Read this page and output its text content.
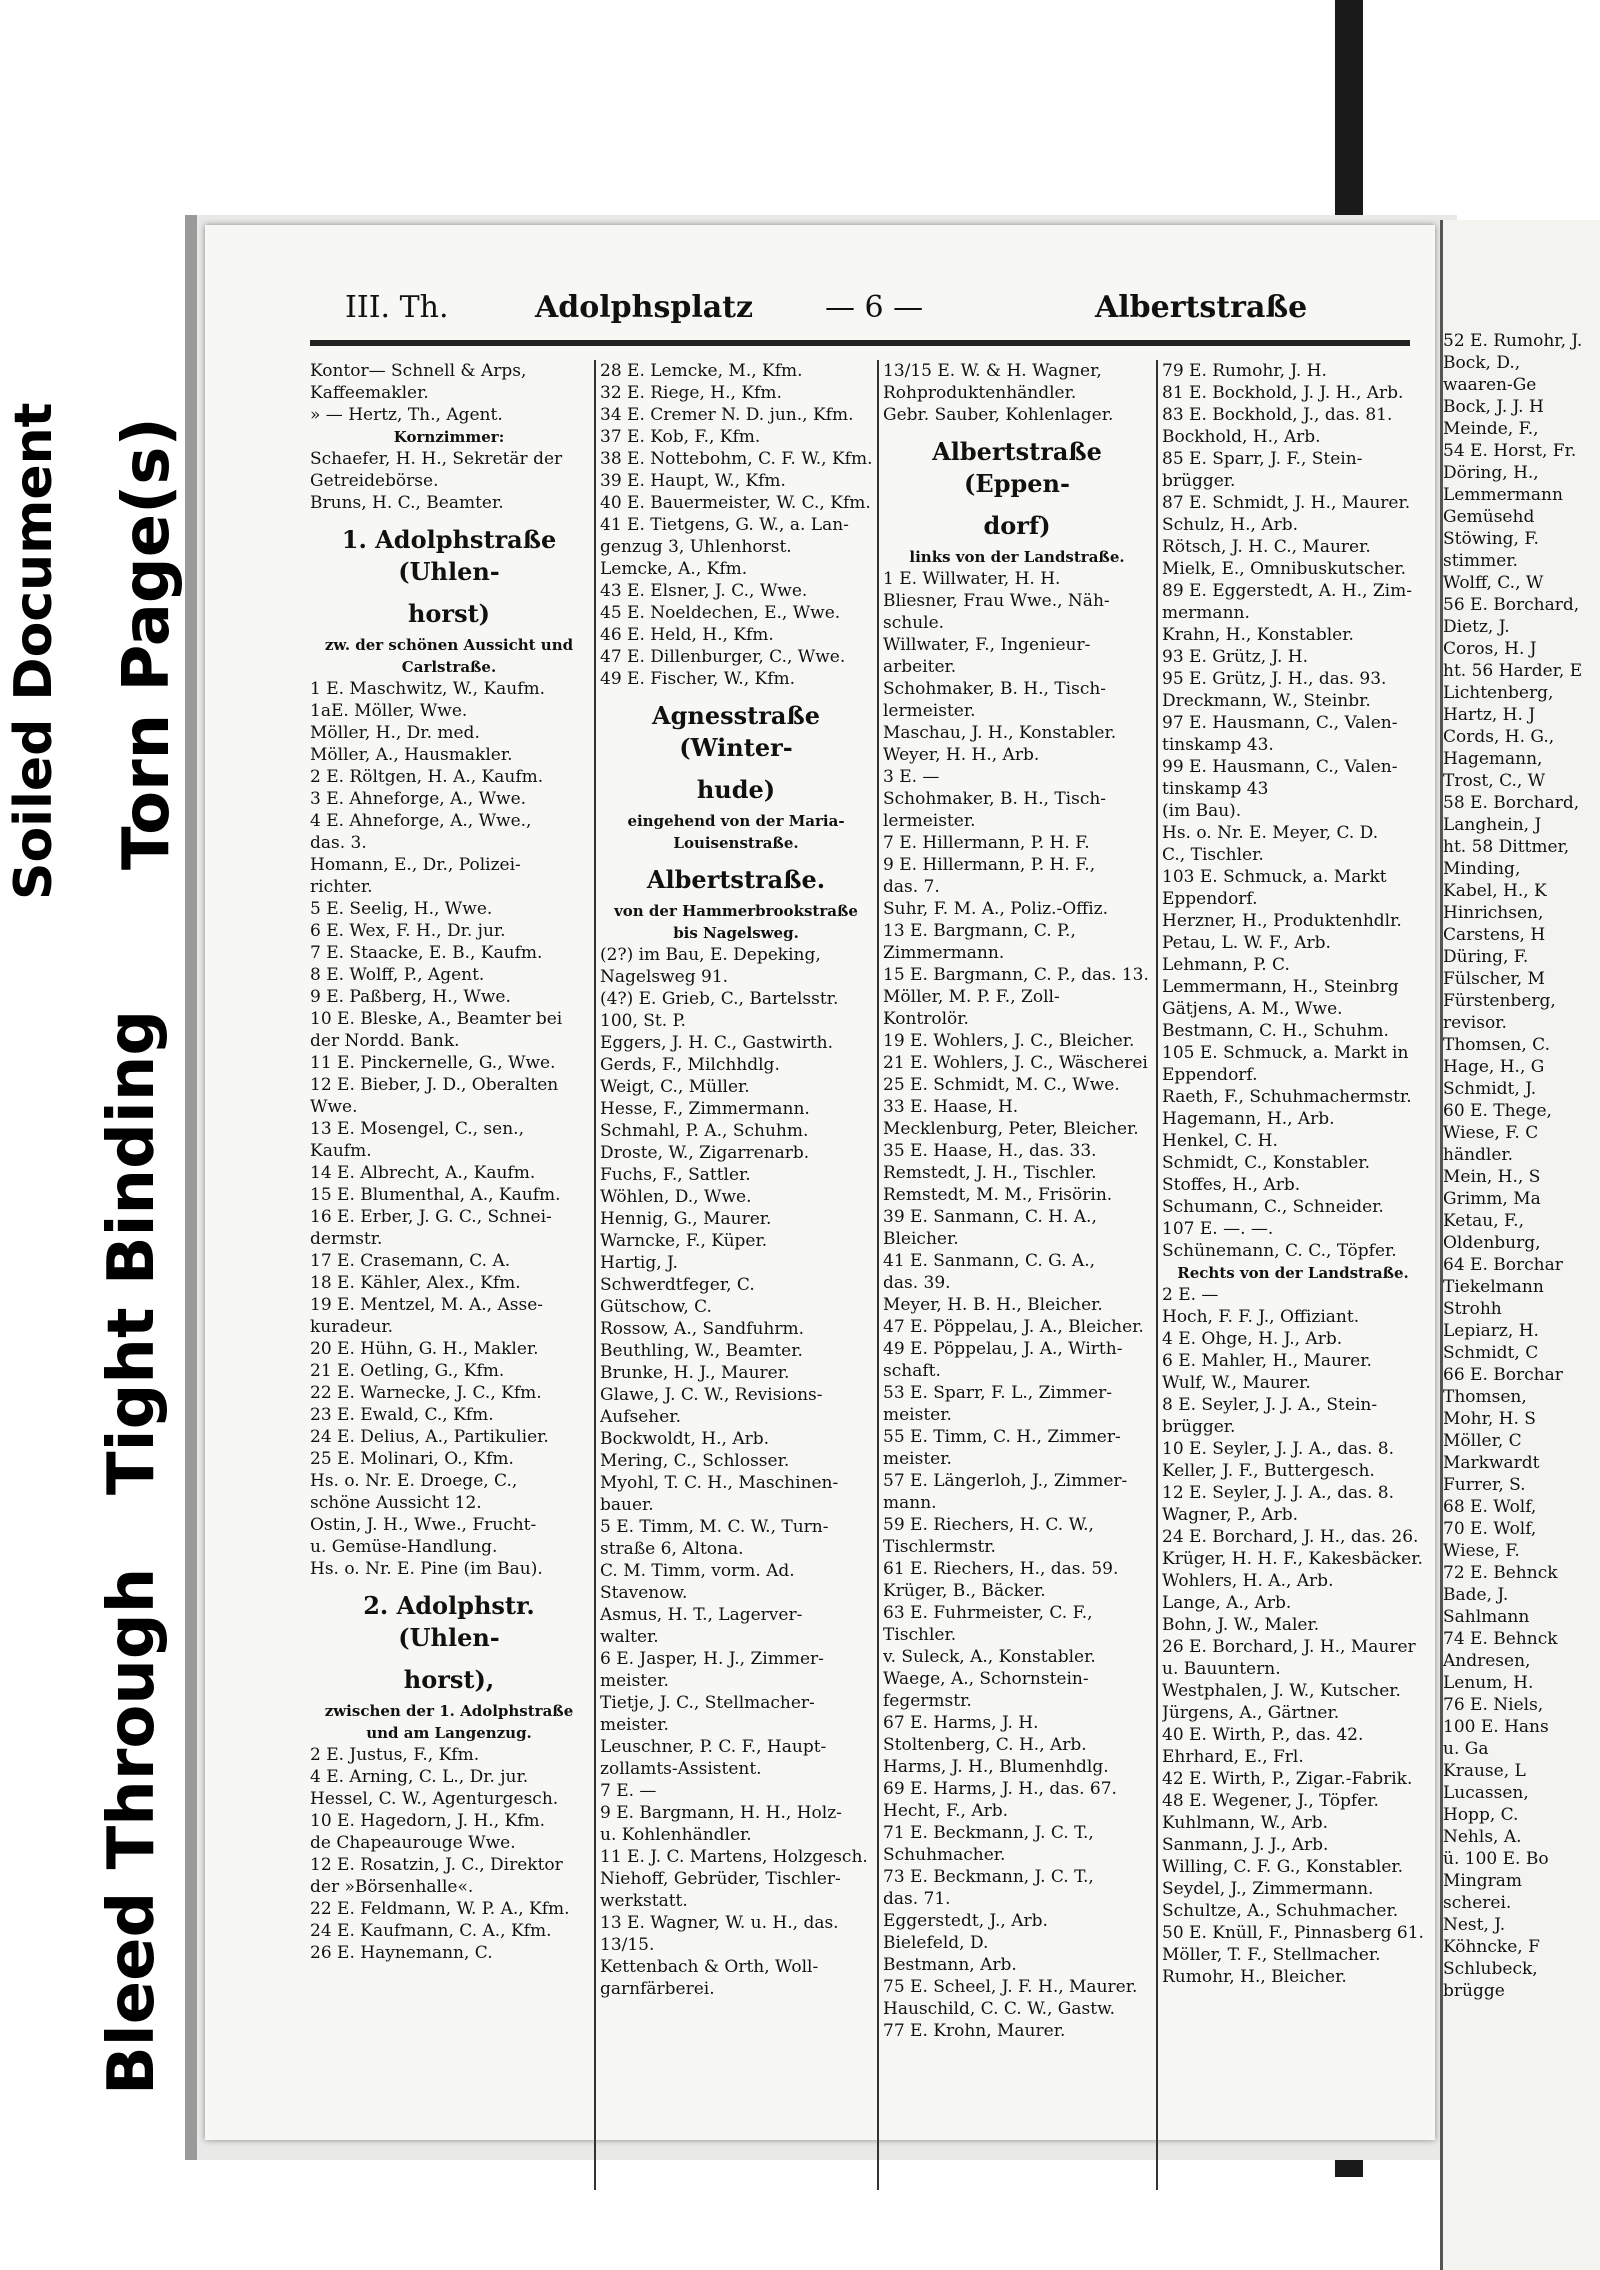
Soiled Document Torn Page(s)
Tight Binding
Bleed Through
III. Th.	Adolphsplatz — 6 —	Albertstraße
Kontor— Schnell & Arps,
Kaffeemakler.
» — Hertz, Th., Agent.
Kornzimmer:
Schaefer, H. H., Sekretär der
Getreidebörse.
Bruns, H. C., Beamter.
1. Adolphstraße (Uhlen-
horst)
zw. der schönen Aussicht und
Carlstraße.
1 E. Maschwitz, W., Kaufm.
1aE. Möller, Wwe.
Möller, H., Dr. med.
Möller, A., Hausmakler.
2 E. Röltgen, H. A., Kaufm.
3 E. Ahneforge, A., Wwe.
4 E. Ahneforge, A., Wwe.,
das. 3.
Homann, E., Dr., Polizei-
richter.
5 E. Seelig, H., Wwe.
6 E. Wex, F. H., Dr. jur.
7 E. Staacke, E. B., Kaufm.
8 E. Wolff, P., Agent.
9 E. Paßberg, H., Wwe.
10 E. Bleske, A., Beamter bei
der Nordd. Bank.
11 E. Pinckernelle, G., Wwe.
12 E. Bieber, J. D., Oberalten
Wwe.
13 E. Mosengel, C., sen.,
Kaufm.
14 E. Albrecht, A., Kaufm.
15 E. Blumenthal, A., Kaufm.
16 E. Erber, J. G. C., Schnei-
dermstr.
17 E. Crasemann, C. A.
18 E. Kähler, Alex., Kfm.
19 E. Mentzel, M. A., Asse-
kuradeur.
20 E. Hühn, G. H., Makler.
21 E. Oetling, G., Kfm.
22 E. Warnecke, J. C., Kfm.
23 E. Ewald, C., Kfm.
24 E. Delius, A., Partikulier.
25 E. Molinari, O., Kfm.
Hs. o. Nr. E. Droege, C.,
schöne Aussicht 12.
Ostin, J. H., Wwe., Frucht-
u. Gemüse-Handlung.
Hs. o. Nr. E. Pine (im Bau).
2. Adolphstr. (Uhlen-
horst),
zwischen der 1. Adolphstraße
und am Langenzug.
2 E. Justus, F., Kfm.
4 E. Arning, C. L., Dr. jur.
Hessel, C. W., Agenturgesch.
10 E. Hagedorn, J. H., Kfm.
de Chapeaurouge Wwe.
12 E. Rosatzin, J. C., Direktor
der »Börsenhalle«.
22 E. Feldmann, W. P. A., Kfm.
24 E. Kaufmann, C. A., Kfm.
26 E. Haynemann, C.
28 E. Lemcke, M., Kfm.
32 E. Riege, H., Kfm.
34 E. Cremer N. D. jun., Kfm.
37 E. Kob, F., Kfm.
38 E. Nottebohm, C. F. W., Kfm.
39 E. Haupt, W., Kfm.
40 E. Bauermeister, W. C., Kfm.
41 E. Tietgens, G. W., a. Lan-
genzug 3, Uhlenhorst.
Lemcke, A., Kfm.
43 E. Elsner, J. C., Wwe.
45 E. Noeldechen, E., Wwe.
46 E. Held, H., Kfm.
47 E. Dillenburger, C., Wwe.
49 E. Fischer, W., Kfm.
Agnesstraße (Winter-
hude)
eingehend von der Maria-
Louisenstraße.
Albertstraße.
von der Hammerbrookstraße
bis Nagelsweg.
(2?) im Bau, E. Depeking,
Nagelsweg 91.
(4?) E. Grieb, C., Bartelsstr.
100, St. P.
Eggers, J. H. C., Gastwirth.
Gerds, F., Milchhdlg.
Weigt, C., Müller.
Hesse, F., Zimmermann.
Schmahl, P. A., Schuhm.
Droste, W., Zigarrenarb.
Fuchs, F., Sattler.
Wöhlen, D., Wwe.
Hennig, G., Maurer.
Warncke, F., Küper.
Hartig, J.
Schwerdtfeger, C.
Gütschow, C.
Rossow, A., Sandfuhrm.
Beuthling, W., Beamter.
Brunke, H. J., Maurer.
Glawe, J. C. W., Revisions-
Aufseher.
Bockwoldt, H., Arb.
Mering, C., Schlosser.
Myohl, T. C. H., Maschinen-
bauer.
5 E. Timm, M. C. W., Turn-
straße 6, Altona.
C. M. Timm, vorm. Ad.
Stavenow.
Asmus, H. T., Lagerver-
walter.
6 E. Jasper, H. J., Zimmer-
meister.
Tietje, J. C., Stellmacher-
meister.
Leuschner, P. C. F., Haupt-
zollamts-Assistent.
7 E. —
9 E. Bargmann, H. H., Holz-
u. Kohlenhändler.
11 E. J. C. Martens, Holzgesch.
Niehoff, Gebrüder, Tischler-
werkstatt.
13 E. Wagner, W. u. H., das.
13/15.
Kettenbach & Orth, Woll-
garnfärberei.
13/15 E. W. & H. Wagner,
Rohproduktenhändler.
Gebr. Sauber, Kohlenlager.
Albertstraße (Eppen-
dorf)
links von der Landstraße.
1 E. Willwater, H. H.
Bliesner, Frau Wwe., Näh-
schule.
Willwater, F., Ingenieur-
arbeiter.
Schohmaker, B. H., Tisch-
lermeister.
Maschau, J. H., Konstabler.
Weyer, H. H., Arb.
3 E. —
Schohmaker, B. H., Tisch-
lermeister.
7 E. Hillermann, P. H. F.
9 E. Hillermann, P. H. F.,
das. 7.
Suhr, F. M. A., Poliz.-Offiz.
13 E. Bargmann, C. P.,
Zimmermann.
15 E. Bargmann, C. P., das. 13.
Möller, M. P. F., Zoll-
Kontrolör.
19 E. Wohlers, J. C., Bleicher.
21 E. Wohlers, J. C., Wäscherei
25 E. Schmidt, M. C., Wwe.
33 E. Haase, H.
Mecklenburg, Peter, Bleicher.
35 E. Haase, H., das. 33.
Remstedt, J. H., Tischler.
Remstedt, M. M., Frisörin.
39 E. Sanmann, C. H. A.,
Bleicher.
41 E. Sanmann, C. G. A.,
das. 39.
Meyer, H. B. H., Bleicher.
47 E. Pöppelau, J. A., Bleicher.
49 E. Pöppelau, J. A., Wirth-
schaft.
53 E. Sparr, F. L., Zimmer-
meister.
55 E. Timm, C. H., Zimmer-
meister.
57 E. Längerloh, J., Zimmer-
mann.
59 E. Riechers, H. C. W.,
Tischlermstr.
61 E. Riechers, H., das. 59.
Krüger, B., Bäcker.
63 E. Fuhrmeister, C. F.,
Tischler.
v. Suleck, A., Konstabler.
Waege, A., Schornstein-
fegermstr.
67 E. Harms, J. H.
Stoltenberg, C. H., Arb.
Harms, J. H., Blumenhdlg.
69 E. Harms, J. H., das. 67.
Hecht, F., Arb.
71 E. Beckmann, J. C. T.,
Schuhmacher.
73 E. Beckmann, J. C. T.,
das. 71.
Eggerstedt, J., Arb.
Bielefeld, D.
Bestmann, Arb.
75 E. Scheel, J. F. H., Maurer.
Hauschild, C. C. W., Gastw.
77 E. Krohn, Maurer.
79 E. Rumohr, J. H.
81 E. Bockhold, J. J. H., Arb.
83 E. Bockhold, J., das. 81.
Bockhold, H., Arb.
85 E. Sparr, J. F., Stein-
brügger.
87 E. Schmidt, J. H., Maurer.
Schulz, H., Arb.
Rötsch, J. H. C., Maurer.
Mielk, E., Omnibuskutscher.
89 E. Eggerstedt, A. H., Zim-
mermann.
Krahn, H., Konstabler.
93 E. Grütz, J. H.
95 E. Grütz, J. H., das. 93.
Dreckmann, W., Steinbr.
97 E. Hausmann, C., Valen-
tinskamp 43.
99 E. Hausmann, C., Valen-
tinskamp 43
(im Bau).
Hs. o. Nr. E. Meyer, C. D.
C., Tischler.
103 E. Schmuck, a. Markt
Eppendorf.
Herzner, H., Produktenhdlr.
Petau, L. W. F., Arb.
Lehmann, P. C.
Lemmermann, H., Steinbrg
Gätjens, A. M., Wwe.
Bestmann, C. H., Schuhm.
105 E. Schmuck, a. Markt in
Eppendorf.
Raeth, F., Schuhmachermstr.
Hagemann, H., Arb.
Henkel, C. H.
Schmidt, C., Konstabler.
Stoffes, H., Arb.
Schumann, C., Schneider.
107 E. —. —.
Schünemann, C. C., Töpfer.
Rechts von der Landstraße.
2 E. —
Hoch, F. F. J., Offiziant.
4 E. Ohge, H. J., Arb.
6 E. Mahler, H., Maurer.
Wulf, W., Maurer.
8 E. Seyler, J. J. A., Stein-
brügger.
10 E. Seyler, J. J. A., das. 8.
Keller, J. F., Buttergesch.
12 E. Seyler, J. J. A., das. 8.
Wagner, P., Arb.
24 E. Borchard, J. H., das. 26.
Krüger, H. H. F., Kakesbäcker.
Wohlers, H. A., Arb.
Lange, A., Arb.
Bohn, J. W., Maler.
26 E. Borchard, J. H., Maurer
u. Bauuntern.
Westphalen, J. W., Kutscher.
Jürgens, A., Gärtner.
40 E. Wirth, P., das. 42.
Ehrhard, E., Frl.
42 E. Wirth, P., Zigar.-Fabrik.
48 E. Wegener, J., Töpfer.
Kuhlmann, W., Arb.
Sanmann, J. J., Arb.
Willing, C. F. G., Konstabler.
Seydel, J., Zimmermann.
Schultze, A., Schuhmacher.
50 E. Knüll, F., Pinnasberg 61.
Möller, T. F., Stellmacher.
Rumohr, H., Bleicher.
52 E. Rumohr, J.
Bock, D.,
waaren-Ge
Bock, J. J. H
Meinde, F.,
54 E. Horst, Fr.
Döring, H.,
Lemmermann
Gemüsehd
Stöwing, F.
stimmer.
Wolff, C., W
56 E. Borchard,
Dietz, J.
Coros, H. J
ht. 56 Harder, E
Lichtenberg,
Hartz, H. J
Cords, H. G.,
Hagemann,
Trost, C., W
58 E. Borchard,
Langhein, J
ht. 58 Dittmer,
Minding,
Kabel, H., K
Hinrichsen,
Carstens, H
Düring, F.
Fülscher, M
Fürstenberg,
revisor.
Thomsen, C.
Hage, H., G
Schmidt, J.
60 E. Thege,
Wiese, F. C
händler.
Mein, H., S
Grimm, Ma
Ketau, F.,
Oldenburg,
64 E. Borchar
Tiekelmann
Strohh
Lepiarz, H.
Schmidt, C
66 E. Borchar
Thomsen,
Mohr, H. S
Möller, C
Markwardt
Furrer, S.
68 E. Wolf,
70 E. Wolf,
Wiese, F.
72 E. Behnck
Bade, J.
Sahlmann
74 E. Behnck
Andresen,
Lenum, H.
76 E. Niels,
100 E. Hans
u. Ga
Krause, L
Lucassen,
Hopp, C.
Nehls, A.
ü. 100 E. Bo
Mingram
scherei.
Nest, J.
Köhncke, F
Schlubeck,
brügge
